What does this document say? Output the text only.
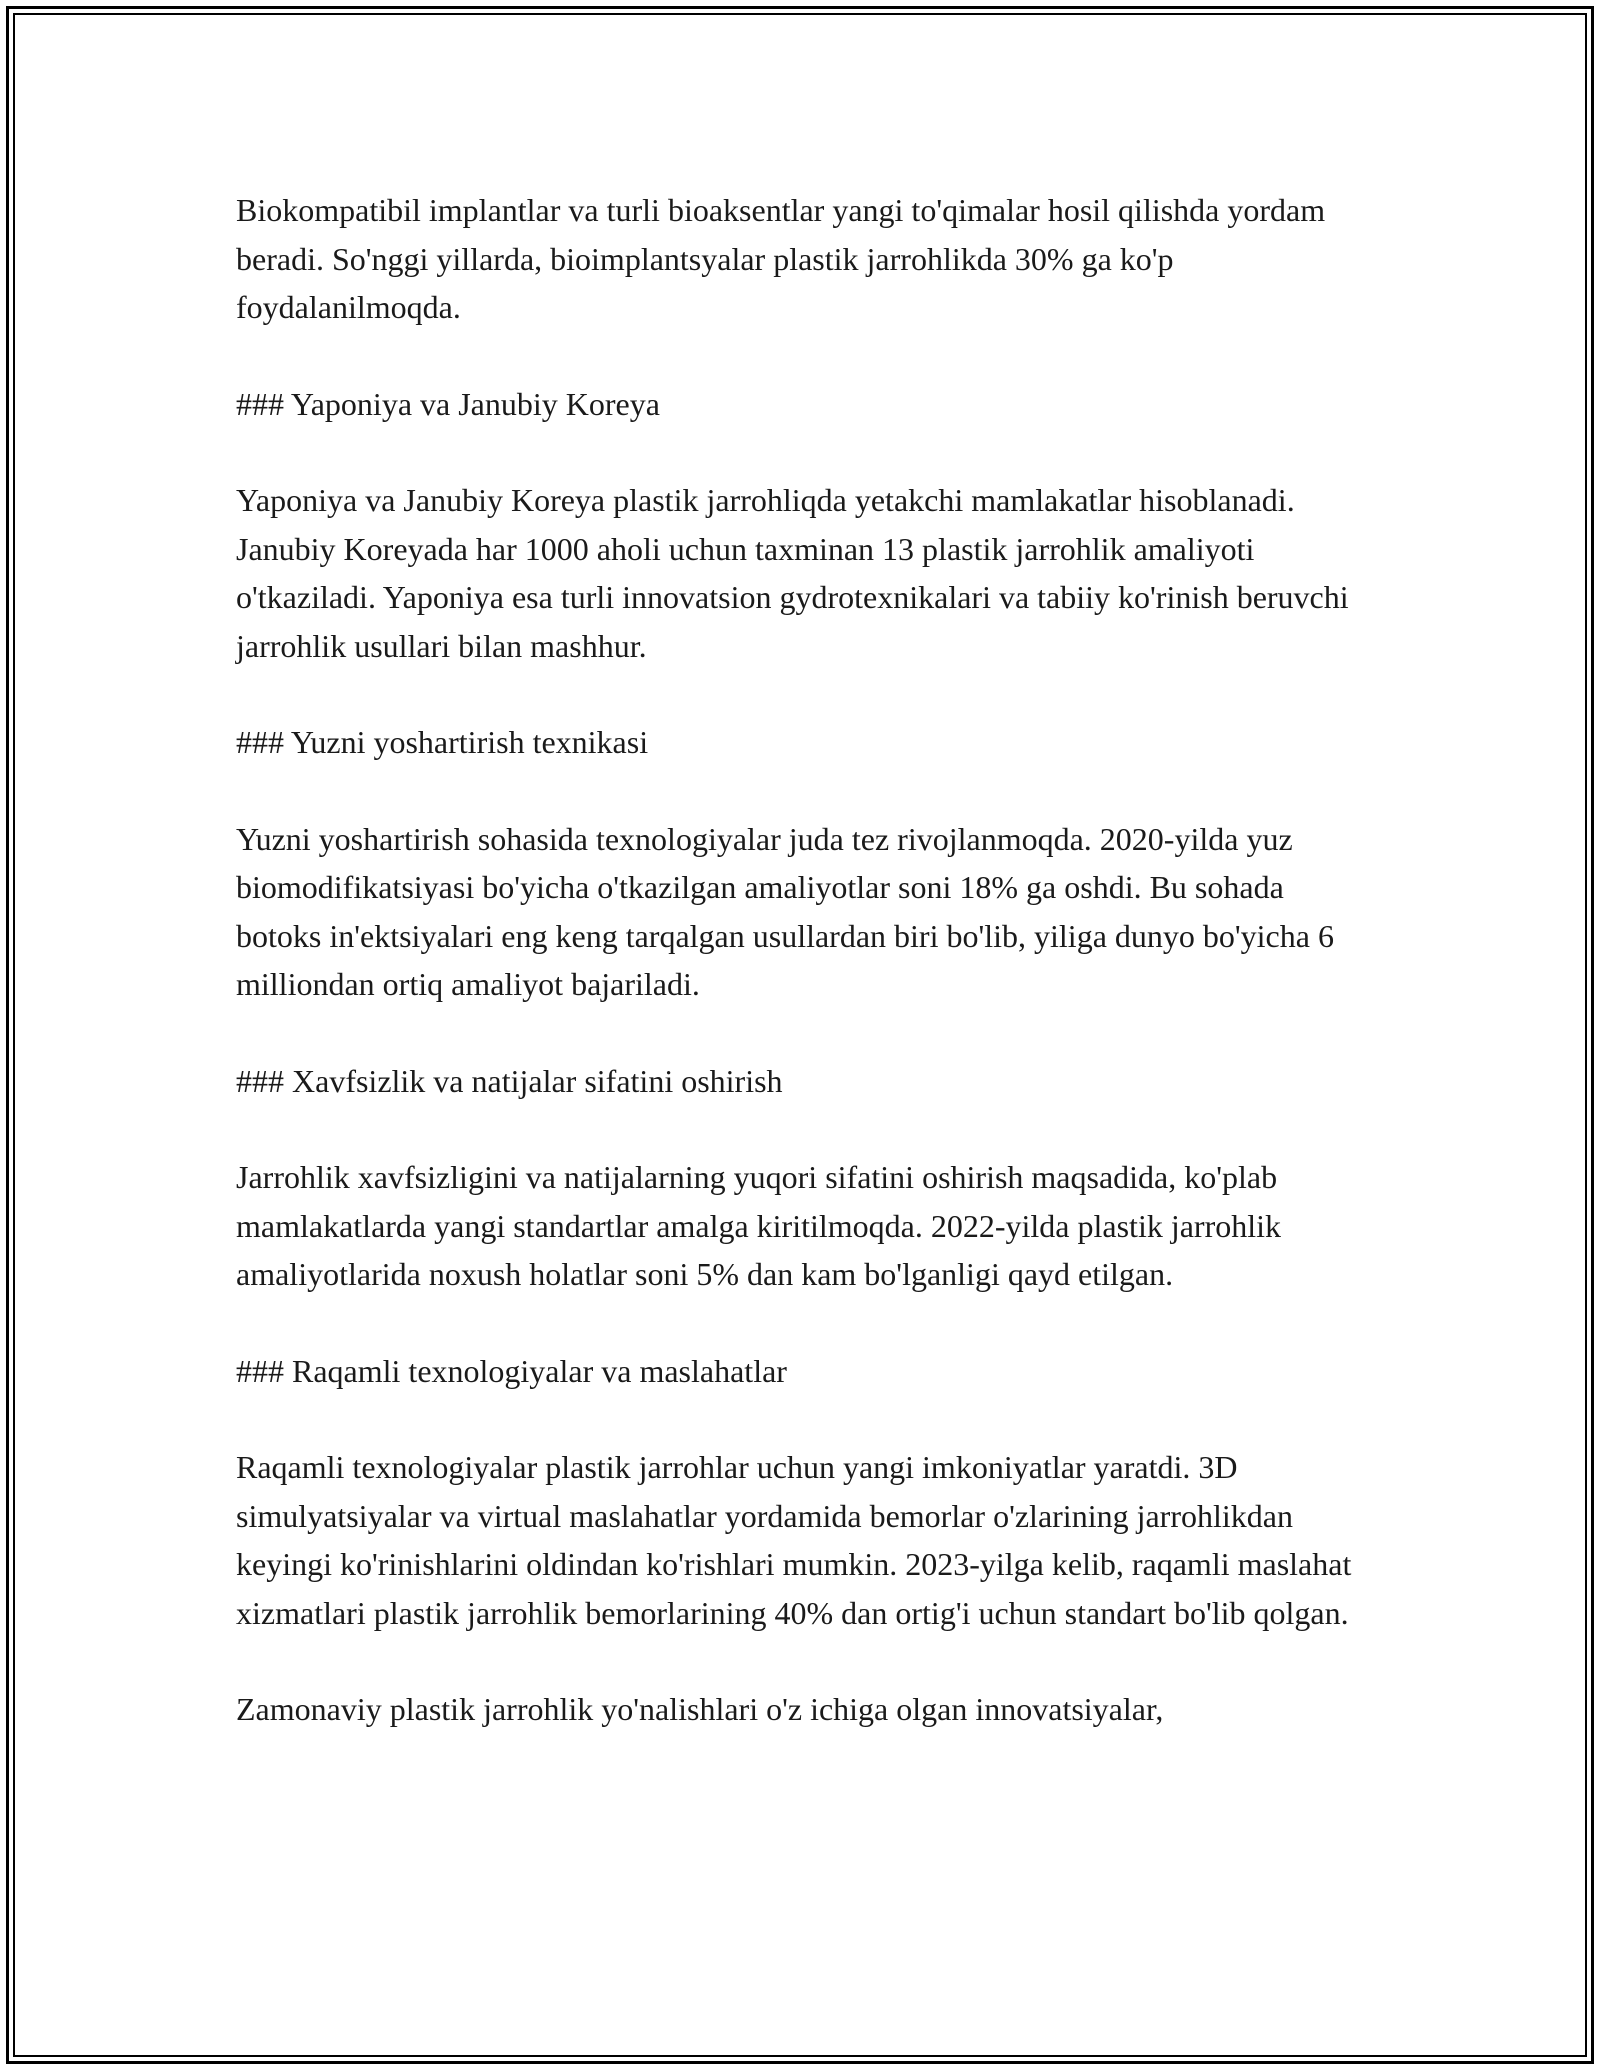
Biokompatibil implantlar va turli bioaksentlar yangi to'qimalar hosil qilishda yordam beradi. So'nggi yillarda, bioimplantsyalar plastik jarrohlikda 30% ga ko'p foydalanilmoqda.

### Yaponiya va Janubiy Koreya

Yaponiya va Janubiy Koreya plastik jarrohliqda yetakchi mamlakatlar hisoblanadi. Janubiy Koreyada har 1000 aholi uchun taxminan 13 plastik jarrohlik amaliyoti o'tkaziladi. Yaponiya esa turli innovatsion gydrotexnikalari va tabiiy ko'rinish beruvchi jarrohlik usullari bilan mashhur.

### Yuzni yoshartirish texnikasi

Yuzni yoshartirish sohasida texnologiyalar juda tez rivojlanmoqda. 2020-yilda yuz biomodifikatsiyasi bo'yicha o'tkazilgan amaliyotlar soni 18% ga oshdi. Bu sohada botoks in'ektsiyalari eng keng tarqalgan usullardan biri bo'lib, yiliga dunyo bo'yicha 6 milliondan ortiq amaliyot bajariladi.

### Xavfsizlik va natijalar sifatini oshirish

Jarrohlik xavfsizligini va natijalarning yuqori sifatini oshirish maqsadida, ko'plab mamlakatlarda yangi standartlar amalga kiritilmoqda. 2022-yilda plastik jarrohlik amaliyotlarida noxush holatlar soni 5% dan kam bo'lganligi qayd etilgan.

### Raqamli texnologiyalar va maslahatlar

Raqamli texnologiyalar plastik jarrohlar uchun yangi imkoniyatlar yaratdi. 3D simulyatsiyalar va virtual maslahatlar yordamida bemorlar o'zlarining jarrohlikdan keyingi ko'rinishlarini oldindan ko'rishlari mumkin. 2023-yilga kelib, raqamli maslahat xizmatlari plastik jarrohlik bemorlarining 40% dan ortig'i uchun standart bo'lib qolgan.

Zamonaviy plastik jarrohlik yo'nalishlari o'z ichiga olgan innovatsiyalar,
